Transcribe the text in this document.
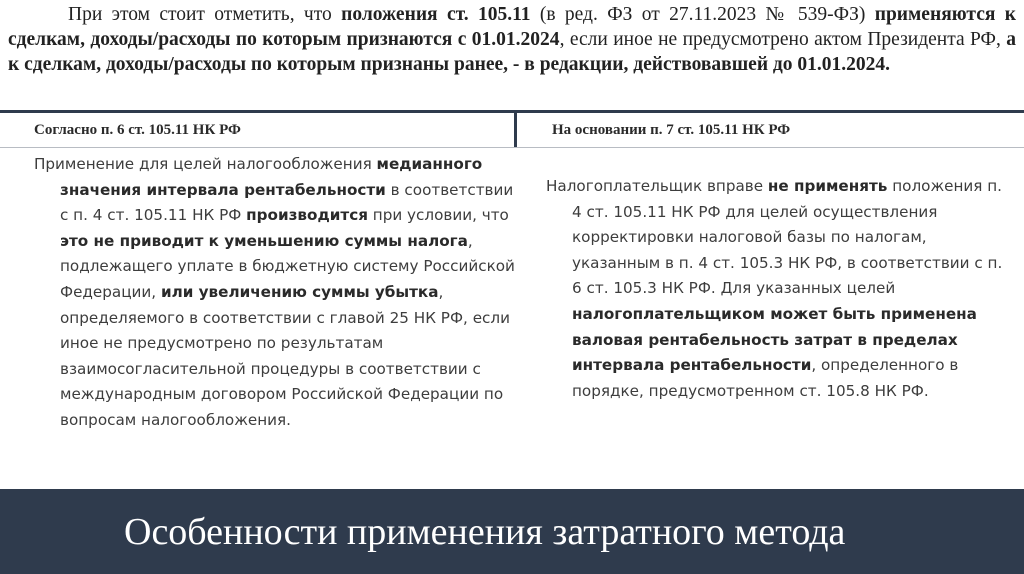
При этом стоит отметить, что положения ст. 105.11 (в ред. ФЗ от 27.11.2023 № 539-ФЗ) применяются к сделкам, доходы/расходы по которым признаются с 01.01.2024, если иное не предусмотрено актом Президента РФ, а к сделкам, доходы/расходы по которым признаны ранее, - в редакции, действовавшей до 01.01.2024.

Согласно п. 6 ст. 105.11 НК РФ	На основании п. 7 ст. 105.11 НК РФ

Применение для целей налогообложения медианного значения интервала рентабельности в соответствии с п. 4 ст. 105.11 НК РФ производится при условии, что это не приводит к уменьшению суммы налога, подлежащего уплате в бюджетную систему Российской Федерации, или увеличению суммы убытка, определяемого в соответствии с главой 25 НК РФ, если иное не предусмотрено по результатам взаимосогласительной процедуры в соответствии с международным договором Российской Федерации по вопросам налогообложения.

Налогоплательщик вправе не применять положения п. 4 ст. 105.11 НК РФ для целей осуществления корректировки налоговой базы по налогам, указанным в п. 4 ст. 105.3 НК РФ, в соответствии с п. 6 ст. 105.3 НК РФ. Для указанных целей налогоплательщиком может быть применена валовая рентабельность затрат в пределах интервала рентабельности, определенного в порядке, предусмотренном ст. 105.8 НК РФ.

Особенности применения затратного метода
